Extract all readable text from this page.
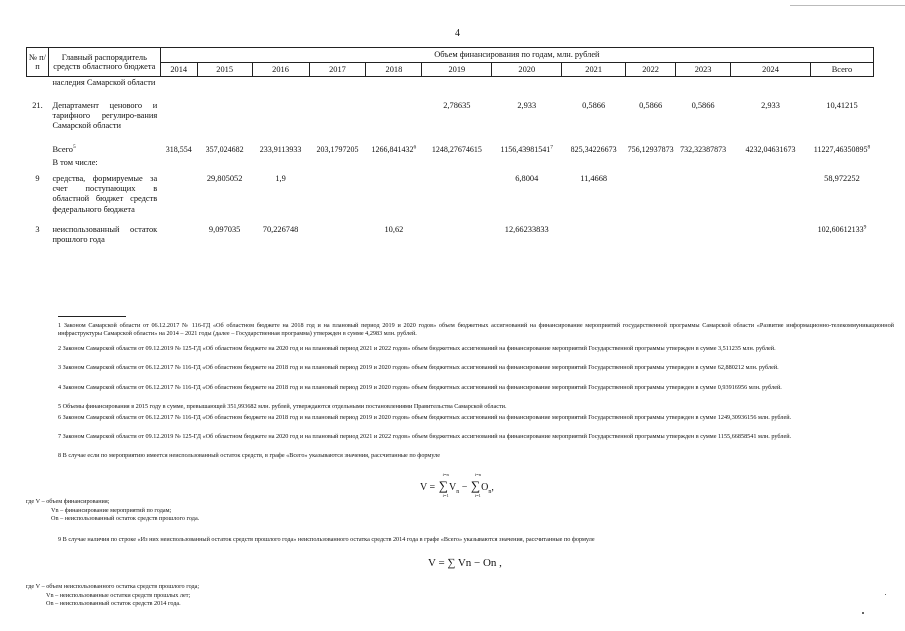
4
№ п/п	Главный распорядитель средств областного бюджета	Объем финансирования по годам, млн. рублей											
		2014	2015	2016	2017	2018	2019	2020	2021	2022	2023	2024	Всего
	наследия Самарской области												

21.	Департамент ценового и тарифного регулиро-вания Самарской области						2,78635	2,933	0,5866	0,5866	0,5866	2,933	10,41215

	Всего$^5$	318,554	357,024682	233,9113933	203,1797205	1266,841432$^6$	1248,27674615	1156,43981541$^7$	825,34226673	756,12937873	732,32387873	4232,04631673	11227,46350895$^8$
	В том числе:												

9	средства, формируемые за счет поступающих в областной бюджет средств федерального бюджета		29,805052	1,9				6,8004	11,4668				58,972252

3	неиспользованный остаток прошлого года		9,097035	70,226748		10,62		12,66233833					102,60612133$^9$
1 Законом Самарской области от 06.12.2017 № 116-ГД «Об областном бюджете на 2018 год и на плановый период 2019 и 2020 годов» объем бюджетных ассигнований на финансирование мероприятий государственной программы Самарской области «Развитие информационно-телекоммуникационной инфраструктуры Самарской области» на 2014 – 2021 годы (далее – Государственная программа) утвержден в сумме 4,2983 млн. рублей.
2 Законом Самарской области от 09.12.2019 № 125-ГД «Об областном бюджете на 2020 год и на плановый период 2021 и 2022 годов» объем бюджетных ассигнований на финансирование мероприятий Государственной программы утвержден в сумме 3,511235 млн. рублей.
3 Законом Самарской области от 06.12.2017 № 116-ГД «Об областном бюджете на 2018 год и на плановый период 2019 и 2020 годов» объем бюджетных ассигнований на финансирование мероприятий Государственной программы утвержден в сумме 62,880212 млн. рублей.
4 Законом Самарской области от 06.12.2017 № 116-ГД «Об областном бюджете на 2018 год и на плановый период 2019 и 2020 годов» объем бюджетных ассигнований на финансирование мероприятий Государственной программы утвержден в сумме 0,93916956 млн. рублей.
5 Объемы финансирования в 2015 году в сумме, превышающей 351,993682 млн. рублей, утверждаются отдельными постановлениями Правительства Самарской области.
6 Законом Самарской области от 06.12.2017 № 116-ГД «Об областном бюджете на 2018 год и на плановый период 2019 и 2020 годов» объем бюджетных ассигнований на финансирование мероприятий Государственной программы утвержден в сумме 1249,30936156 млн. рублей.
7 Законом Самарской области от 09.12.2019 № 125-ГД «Об областном бюджете на 2020 год и на плановый период 2021 и 2022 годов» объем бюджетных ассигнований на финансирование мероприятий Государственной программы утвержден в сумме 1155,66858541 млн. рублей.
8 В случае если по мероприятию имеется неиспользованный остаток средств, в графе «Всего» указываются значения, рассчитанные по формуле
V = ∑
i=n
i=1
$V_n$ − ∑
i=n
i=1
$O_n$,
где V – объем финансирования;
Vn – финансирование мероприятий по годам;
On – неиспользованный остаток средств прошлого года.
9 В случае наличия по строке «Из них неиспользованный остаток средств прошлого года» неиспользованного остатка средств 2014 года в графе «Всего» указываются значения, рассчитанные по формуле
V = ∑ Vn − On ,
где V – объем неиспользованного остатка средств прошлого года;
Vn – неиспользованные остатки средств прошлых лет;
On – неиспользованный остаток средств 2014 года.
